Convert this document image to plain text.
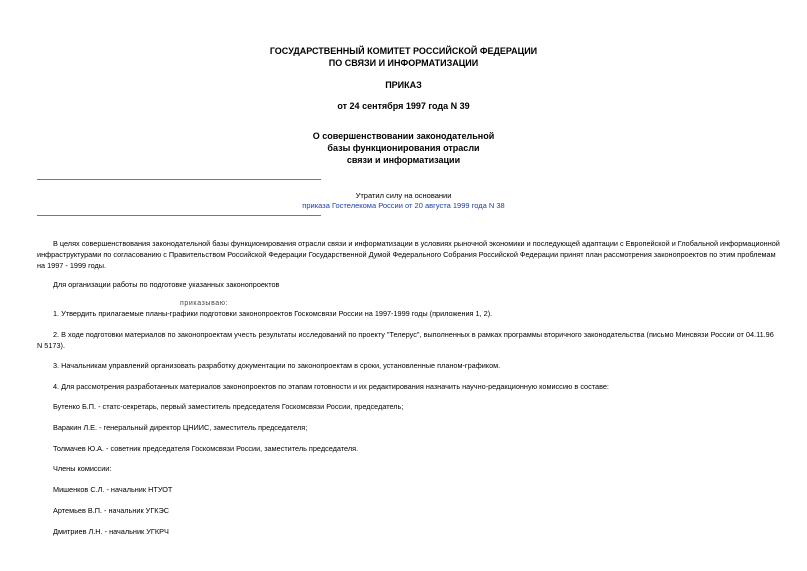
ГОСУДАРСТВЕННЫЙ КОМИТЕТ РОССИЙСКОЙ ФЕДЕРАЦИИ
ПО СВЯЗИ И ИНФОРМАТИЗАЦИИ
ПРИКАЗ
от 24 сентября 1997 года N 39
О совершенствовании законодательной
базы функционирования отрасли
связи и информатизации
Утратил силу на основании
приказа Гостелекома России от 20 августа 1999 года N 38
В целях совершенствования законодательной базы функционирования отрасли связи и информатизации в условиях рыночной экономики и последующей адаптации с Европейской и Глобальной информационной
инфраструктурами по согласованию с Правительством Российской Федерации Государственной Думой Федерального Собрания Российской Федерации принят план рассмотрения законопроектов по этим проблемам
на 1997 - 1999 годы.
Для организации работы по подготовке указанных законопроектов
приказываю:
1. Утвердить прилагаемые планы-графики подготовки законопроектов Госкомсвязи России на 1997-1999 годы (приложения 1, 2).
2. В ходе подготовки материалов по законопроектам учесть результаты исследований по проекту "Телерус", выполненных в рамках программы вторичного законодательства (письмо Минсвязи России от 04.11.96
N 5173).
3. Начальникам управлений организовать разработку документации по законопроектам в сроки, установленные планом-графиком.
4. Для рассмотрения разработанных материалов законопроектов по этапам готовности и их редактирования назначить научно-редакционную комиссию в составе:
Бутенко Б.П. - статс-секретарь, первый заместитель председателя Госкомсвязи России, председатель;
Варакин Л.Е. - генеральный директор ЦНИИС, заместитель председателя;
Толмачев Ю.А. - советник председателя Госкомсвязи России, заместитель председателя.
Члены комиссии:
Мишенков С.Л. - начальник НТУОТ
Артемьев В.П. - начальник УГКЭС
Дмитриев Л.Н. - начальник УГКРЧ
